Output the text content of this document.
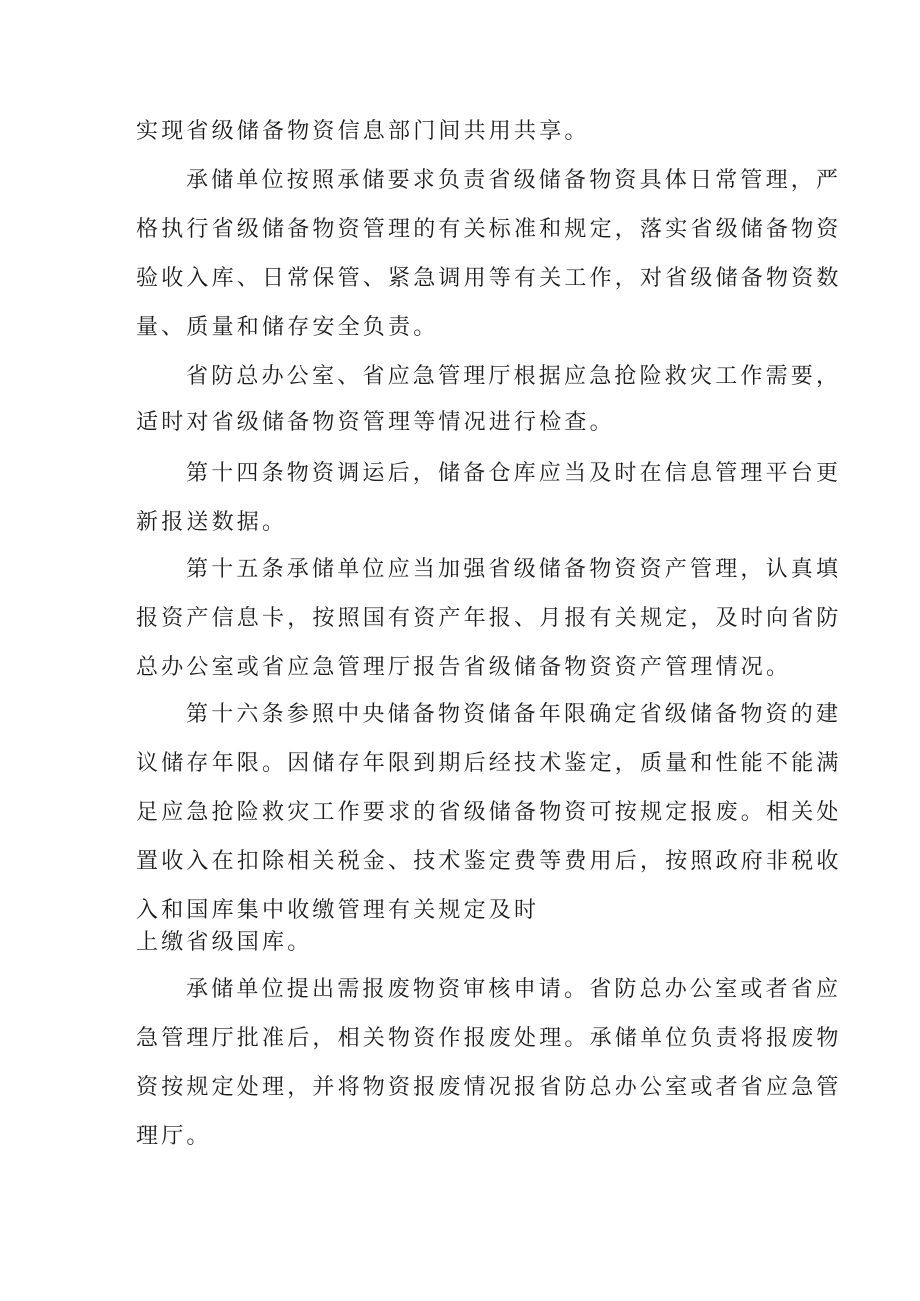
实现省级储备物资信息部门间共用共享。
承储单位按照承储要求负责省级储备物资具体日常管理，严
格执行省级储备物资管理的有关标准和规定，落实省级储备物资
验收入库、日常保管、紧急调用等有关工作，对省级储备物资数
量、质量和储存安全负责。
省防总办公室、省应急管理厅根据应急抢险救灾工作需要，
适时对省级储备物资管理等情况进行检查。
第十四条物资调运后，储备仓库应当及时在信息管理平台更
新报送数据。
第十五条承储单位应当加强省级储备物资资产管理，认真填
报资产信息卡，按照国有资产年报、月报有关规定，及时向省防
总办公室或省应急管理厅报告省级储备物资资产管理情况。
第十六条参照中央储备物资储备年限确定省级储备物资的建
议储存年限。因储存年限到期后经技术鉴定，质量和性能不能满
足应急抢险救灾工作要求的省级储备物资可按规定报废。相关处
置收入在扣除相关税金、技术鉴定费等费用后，按照政府非税收
入和国库集中收缴管理有关规定及时
上缴省级国库。
承储单位提出需报废物资审核申请。省防总办公室或者省应
急管理厅批准后，相关物资作报废处理。承储单位负责将报废物
资按规定处理，并将物资报废情况报省防总办公室或者省应急管
理厅。
